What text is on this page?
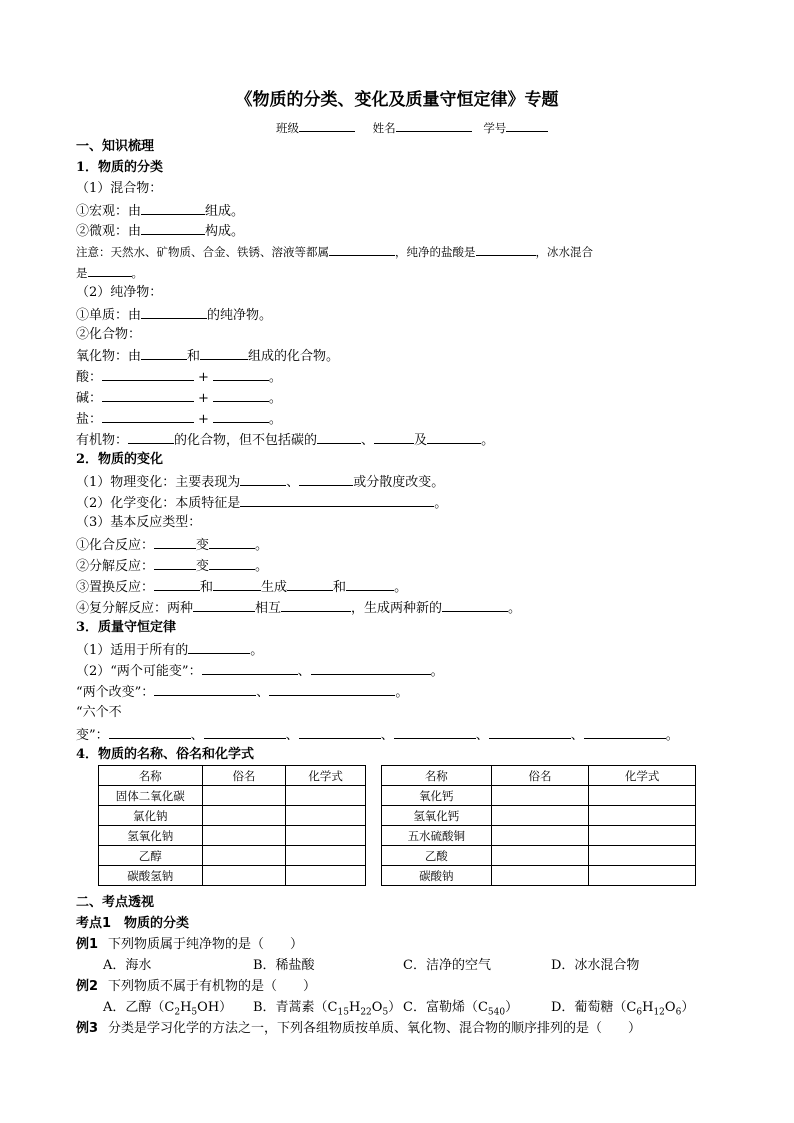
《物质的分类、变化及质量守恒定律》专题
班级	姓名	学号
一、知识梳理
1．物质的分类
（1）混合物：
①宏观：由	组成。
②微观：由	构成。
注意：天然水、矿物质、合金、铁锈、溶液等都属	，纯净的盐酸是	，冰水混合
是	。
（2）纯净物：
①单质：由	的纯净物。
②化合物：
氧化物：由	和	组成的化合物。
酸：	+	。
碱：	+	。
盐：	+	。
有机物：	的化合物，但不包括碳的	、	及	。
2．物质的变化
（1）物理变化：主要表现为	、	或分散度改变。
（2）化学变化：本质特征是	。
（3）基本反应类型：
①化合反应：	变	。
②分解反应：	变	。
③置换反应：	和	生成	和	。
④复分解反应：两种	相互	，生成两种新的	。
3．质量守恒定律
（1）适用于所有的	。
（2）“两个可能变”：	、	。
“两个改变”：	、	。
“六个不
变”：	、	、	、	、	、	。
4．物质的名称、俗名和化学式
名称	俗名	化学式
固体二氧化碳		
氯化钠		
氢氧化钠		
乙醇		
碳酸氢钠		
名称	俗名	化学式
氧化钙		
氢氧化钙		
五水硫酸铜		
乙酸		
碳酸钠		
二、考点透视
考点1　物质的分类
例1 下列物质属于纯净物的是（　　）
A．海水	B．稀盐酸	C．洁净的空气	D．冰水混合物
例2 下列物质不属于有机物的是（　　）
A．乙醇$(C_2H_5OH)$ B．青蒿素$(C_{15}H_{22}O_5)$ C．富勒烯$(C_{540})$	D．葡萄糖$(C_6H_{12}O_6)$
例3 分类是学习化学的方法之一，下列各组物质按单质、氧化物、混合物的顺序排列的是（　　）
